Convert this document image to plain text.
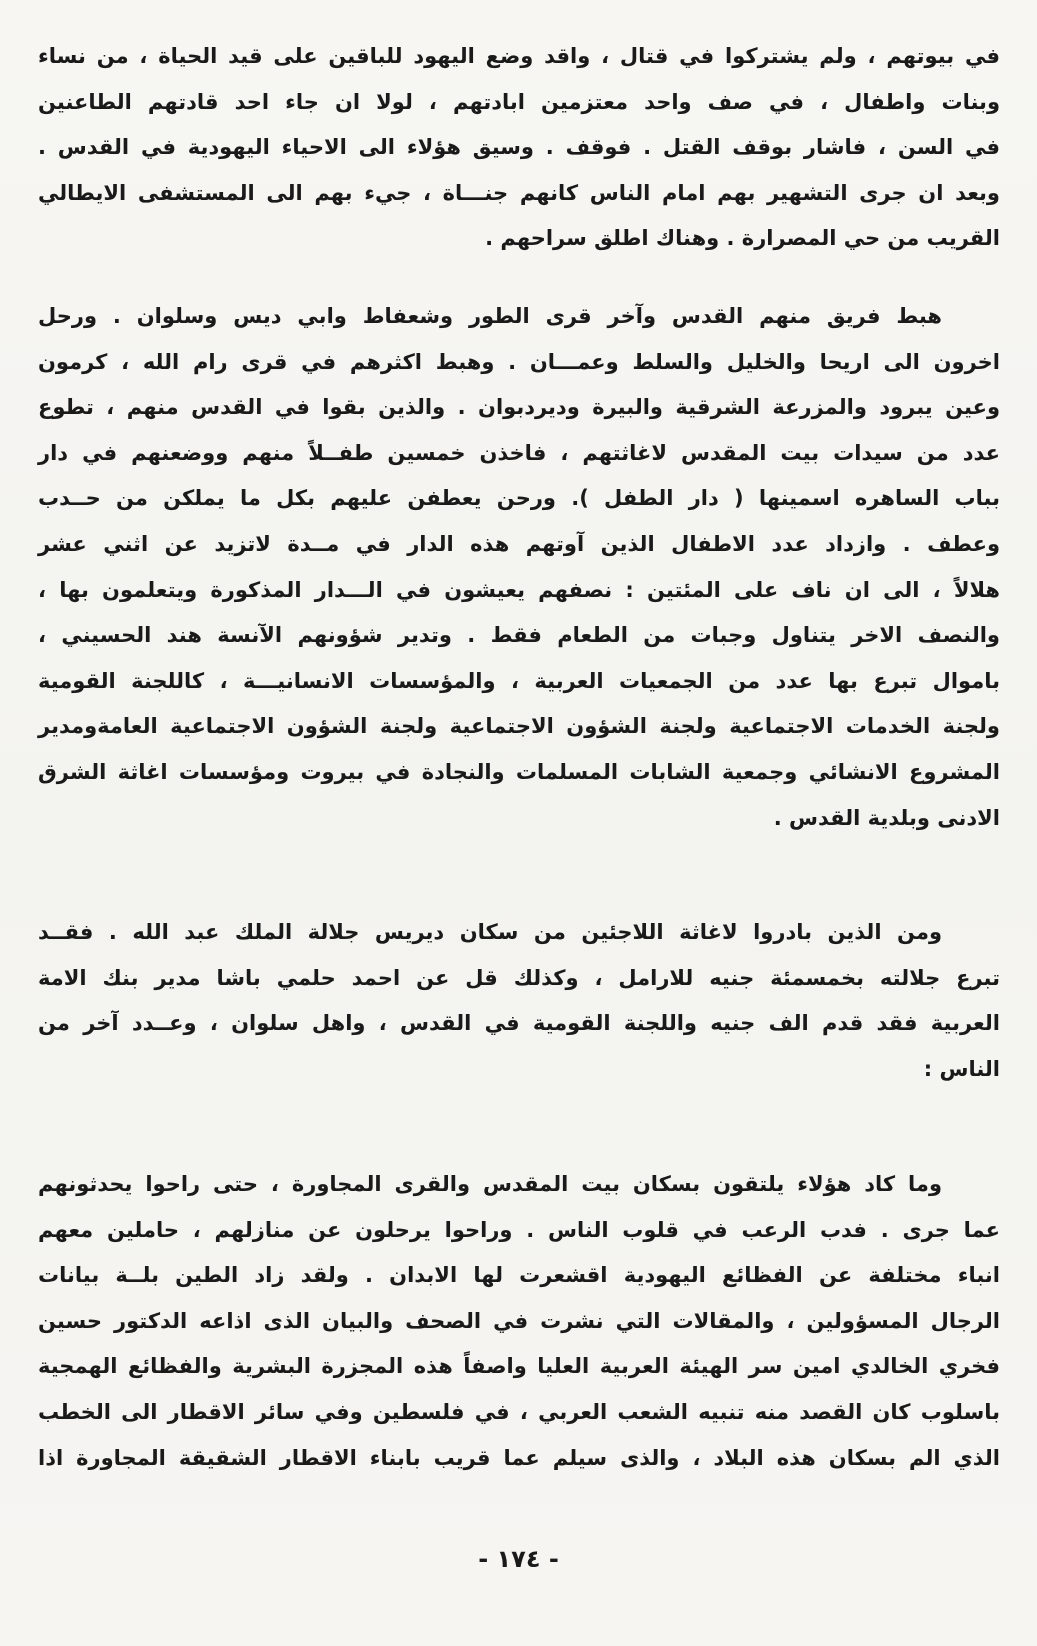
في بيوتهم ، ولم يشتركوا في قتال ، واقد وضع اليهود للباقين على قيد الحياة ، من نساء
وبنات واطفال ، في صف واحد معتزمين ابادتهم ، لولا ان جاء احد قادتهم الطاعنين
في السن ، فاشار بوقف القتل . فوقف . وسيق هؤلاء الى الاحياء اليهودية في القدس .
وبعد ان جرى التشهير بهم امام الناس كانهم جنـــاة ، جيء بهم الى المستشفى الايطالي
القريب من حي المصرارة . وهناك اطلق سراحهم .
هبط فريق منهم القدس وآخر قرى الطور وشعفاط وابي ديس وسلوان . ورحل
اخرون الى اريحا والخليل والسلط وعمـــان . وهبط اكثرهم في قرى رام الله ، كرمون
وعين يبرود والمزرعة الشرقية والبيرة وديردبوان . والذين بقوا في القدس منهم ، تطوع
عدد من سيدات بيت المقدس لاغاثتهم ، فاخذن خمسين طفــلاً منهم ووضعنهم في دار
بباب الساهره اسمينها ( دار الطفل ). ورحن يعطفن عليهم بكل ما يملكن من حــدب
وعطف . وازداد عدد الاطفال الذين آوتهم هذه الدار في مــدة لاتزيد عن اثني عشر
هلالاً ، الى ان ناف على المئتين : نصفهم يعيشون في الـــدار المذكورة ويتعلمون بها ،
والنصف الاخر يتناول وجبات من الطعام فقط . وتدير شؤونهم الآنسة هند الحسيني ،
باموال تبرع بها عدد من الجمعيات العربية ، والمؤسسات الانسانيـــة ، كاللجنة القومية
ولجنة الخدمات الاجتماعية ولجنة الشؤون الاجتماعية ولجنة الشؤون الاجتماعية العامةومدير
المشروع الانشائي وجمعية الشابات المسلمات والنجادة في بيروت ومؤسسات اغاثة الشرق
الادنى وبلدية القدس .
ومن الذين بادروا لاغاثة اللاجئين من سكان ديريس جلالة الملك عبد الله . فقــد
تبرع جلالته بخمسمئة جنيه للارامل ، وكذلك قل عن احمد حلمي باشا مدير بنك الامة
العربية فقد قدم الف جنيه واللجنة القومية في القدس ، واهل سلوان ، وعــدد آخر من
الناس :
وما كاد هؤلاء يلتقون بسكان بيت المقدس والقرى المجاورة ، حتى راحوا يحدثونهم
عما جرى . فدب الرعب في قلوب الناس . وراحوا يرحلون عن منازلهم ، حاملين معهم
انباء مختلفة عن الفظائع اليهودية اقشعرت لها الابدان . ولقد زاد الطين بلــة بيانات
الرجال المسؤولين ، والمقالات التي نشرت في الصحف والبيان الذى اذاعه الدكتور حسين
فخري الخالدي امين سر الهيئة العربية العليا واصفاً هذه المجزرة البشرية والفظائع الهمجية
باسلوب كان القصد منه تنبيه الشعب العربي ، في فلسطين وفي سائر الاقطار الى الخطب
الذي الم بسكان هذه البلاد ، والذى سيلم عما قريب بابناء الاقطار الشقيقة المجاورة اذا
- ١٧٤ -
